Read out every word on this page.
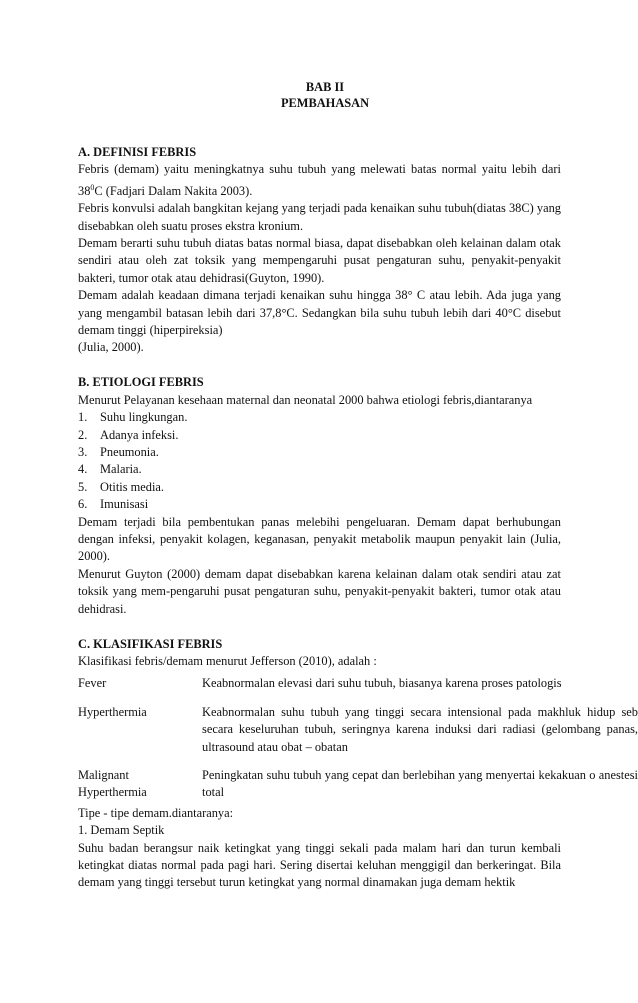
BAB II
PEMBAHASAN
A. DEFINISI FEBRIS
Febris (demam) yaitu meningkatnya suhu tubuh yang melewati batas normal yaitu lebih dari $38^0C$ (Fadjari Dalam Nakita 2003).
Febris konvulsi adalah bangkitan kejang yang terjadi pada kenaikan suhu tubuh(diatas 38C) yang disebabkan oleh suatu proses ekstra kronium.
Demam berarti suhu tubuh diatas batas normal biasa, dapat disebabkan oleh kelainan dalam otak sendiri atau oleh zat toksik yang mempengaruhi pusat pengaturan suhu, penyakit-penyakit bakteri, tumor otak atau dehidrasi(Guyton, 1990).
Demam adalah keadaan dimana terjadi kenaikan suhu hingga 38° C atau lebih. Ada juga yang yang mengambil batasan lebih dari 37,8°C. Sedangkan bila suhu tubuh lebih dari 40°C disebut demam tinggi (hiperpireksia)
(Julia, 2000).
B. ETIOLOGI FEBRIS
Menurut Pelayanan kesehaan maternal dan neonatal 2000 bahwa etiologi febris,diantaranya
1.	Suhu lingkungan.
2.	Adanya infeksi.
3.	Pneumonia.
4.	Malaria.
5.	Otitis media.
6.	Imunisasi
Demam terjadi bila pembentukan panas melebihi pengeluaran. Demam dapat berhubungan dengan infeksi, penyakit kolagen, keganasan, penyakit metabolik maupun penyakit lain (Julia, 2000).
Menurut Guyton (2000) demam dapat disebabkan karena kelainan dalam otak sendiri atau zat toksik yang mem-pengaruhi pusat pengaturan suhu, penyakit-penyakit bakteri, tumor otak atau dehidrasi.
C. KLASIFIKASI FEBRIS
Klasifikasi febris/demam menurut Jefferson (2010), adalah :
Fever	Keabnormalan elevasi dari suhu tubuh, biasanya karena proses patologis
Hyperthermia	Keabnormalan suhu tubuh yang tinggi secara intensional pada makhluk hidup seb secara keseluruhan tubuh, seringnya karena induksi dari radiasi (gelombang panas, ultrasound atau obat – obatan

Malignant
Hyperthermia	Peningkatan suhu tubuh yang cepat dan berlebihan yang menyertai kekakuan o anestesi total
Tipe - tipe demam.diantaranya:
1. Demam Septik
Suhu badan berangsur naik ketingkat yang tinggi sekali pada malam hari dan turun kembali ketingkat diatas normal pada pagi hari. Sering disertai keluhan menggigil dan berkeringat. Bila demam yang tinggi tersebut turun ketingkat yang normal dinamakan juga demam hektik
